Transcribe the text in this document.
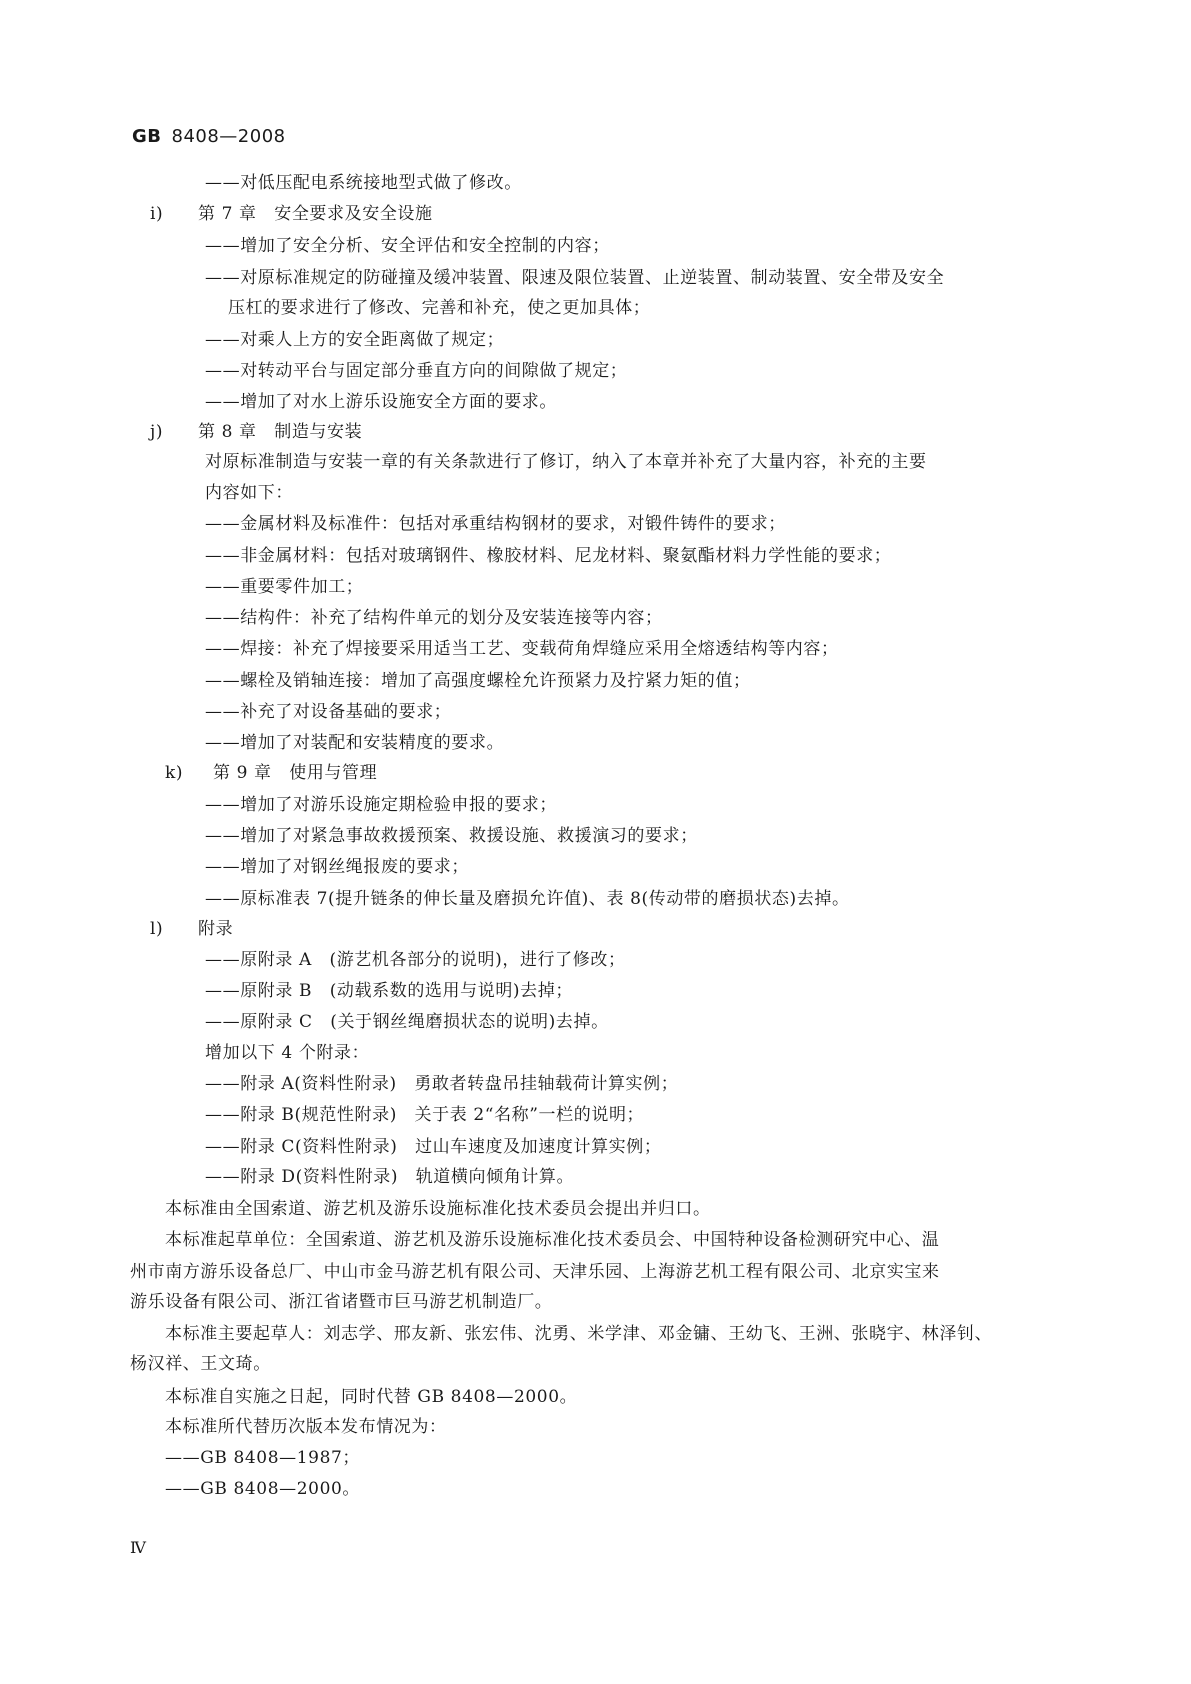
GB 8408—2008
——对低压配电系统接地型式做了修改。
i) 第 7 章　安全要求及安全设施
——增加了安全分析、安全评估和安全控制的内容；
——对原标准规定的防碰撞及缓冲装置、限速及限位装置、止逆装置、制动装置、安全带及安全
压杠的要求进行了修改、完善和补充，使之更加具体；
——对乘人上方的安全距离做了规定；
——对转动平台与固定部分垂直方向的间隙做了规定；
——增加了对水上游乐设施安全方面的要求。
j) 第 8 章　制造与安装
对原标准制造与安装一章的有关条款进行了修订，纳入了本章并补充了大量内容，补充的主要
内容如下：
——金属材料及标准件：包括对承重结构钢材的要求，对锻件铸件的要求；
——非金属材料：包括对玻璃钢件、橡胶材料、尼龙材料、聚氨酯材料力学性能的要求；
——重要零件加工；
——结构件：补充了结构件单元的划分及安装连接等内容；
——焊接：补充了焊接要采用适当工艺、变载荷角焊缝应采用全熔透结构等内容；
——螺栓及销轴连接：增加了高强度螺栓允许预紧力及拧紧力矩的值；
——补充了对设备基础的要求；
——增加了对装配和安装精度的要求。
k) 第 9 章　使用与管理
——增加了对游乐设施定期检验申报的要求；
——增加了对紧急事故救援预案、救援设施、救援演习的要求；
——增加了对钢丝绳报废的要求；
——原标准表 7(提升链条的伸长量及磨损允许值)、表 8(传动带的磨损状态)去掉。
l) 附录
——原附录 A　(游艺机各部分的说明)，进行了修改；
——原附录 B　(动载系数的选用与说明)去掉；
——原附录 C　(关于钢丝绳磨损状态的说明)去掉。
增加以下 4 个附录：
——附录 A(资料性附录)　勇敢者转盘吊挂轴载荷计算实例；
——附录 B(规范性附录)　关于表 2“名称”一栏的说明；
——附录 C(资料性附录)　过山车速度及加速度计算实例；
——附录 D(资料性附录)　轨道横向倾角计算。
本标准由全国索道、游艺机及游乐设施标准化技术委员会提出并归口。
本标准起草单位：全国索道、游艺机及游乐设施标准化技术委员会、中国特种设备检测研究中心、温
州市南方游乐设备总厂、中山市金马游艺机有限公司、天津乐园、上海游艺机工程有限公司、北京实宝来
游乐设备有限公司、浙江省诸暨市巨马游艺机制造厂。
本标准主要起草人：刘志学、邢友新、张宏伟、沈勇、米学津、邓金镛、王幼飞、王洲、张晓宇、林泽钊、
杨汉祥、王文琦。
本标准自实施之日起，同时代替 GB 8408—2000。
本标准所代替历次版本发布情况为：
——GB 8408—1987；
——GB 8408—2000。
Ⅳ
